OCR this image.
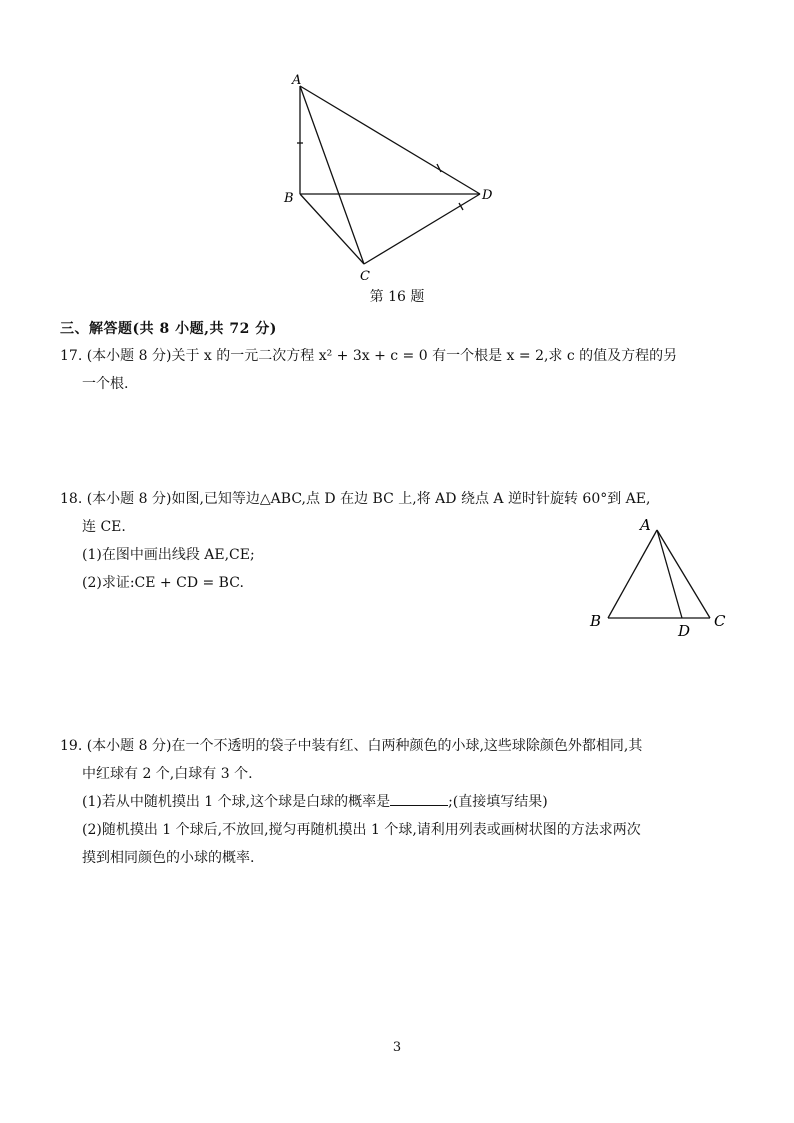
A
B
C
D
第 16 题
三、解答题(共 8 小题,共 72 分)
17. (本小题 8 分)关于 x 的一元二次方程 x² + 3x + c = 0 有一个根是 x = 2,求 c 的值及方程的另
一个根.
18. (本小题 8 分)如图,已知等边△ABC,点 D 在边 BC 上,将 AD 绕点 A 逆时针旋转 60°到 AE,
连 CE.
(1)在图中画出线段 AE,CE;
(2)求证:CE + CD = BC.
A
B
D
C
19. (本小题 8 分)在一个不透明的袋子中装有红、白两种颜色的小球,这些球除颜色外都相同,其
中红球有 2 个,白球有 3 个.
(1)若从中随机摸出 1 个球,这个球是白球的概率是	;(直接填写结果)
(2)随机摸出 1 个球后,不放回,搅匀再随机摸出 1 个球,请利用列表或画树状图的方法求两次
摸到相同颜色的小球的概率.
3
